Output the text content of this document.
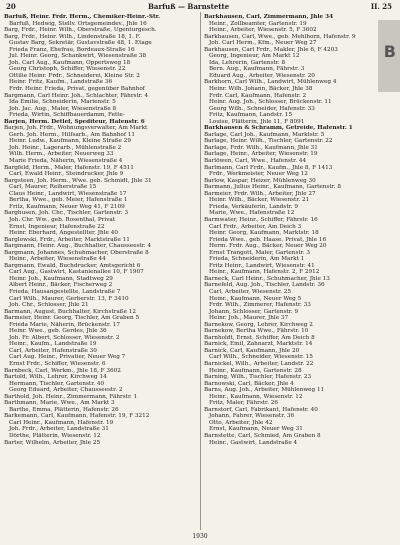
20	Barfuß — Barnstette	II. 25
B
Barfuß, Heinr. Frdr. Herm., Chemiker-Heinr.-Str.
Barfuß, Hedwig, Stellv. Ortsgemeindev., Jhle 16
Barg, Frdr., Heinr. Wilh., Oberstraße, Ugenturgesch.
Barg, Frdr., Heinr. Wilh., Lindenstraße 18, 1. F.
Gustav Barg, Sekretär, Gustavstraße 48, 1. Etage
Frieda Franz, Ehefrau, Bordeaux-Straße 16
Jul. Heinr. Georg, Schankwirt, Wiesenstraße 38
Joh. Carl Aug., Kaufmann, Oppertsweg 18
Georg Christoph, Schiffer, Wiesenstr. 22
Ottilie Heinr. Frdr., Schneiderei, Kleine Str. 2
Heinr. Fritz, Kaufm., Landstraße 36
Frdr. Heinr. Frieda, Privat, gegenüber Bahnhof
Bargmann, Carl Heinr. Joh., Schlachter, Fährstr. 4
Ida Emilie, Schneiderin, Marienstr. 5
Joh. Jac. Aug., Maler, Wiesenstraße 8
Frieda, Wirtin, Schiffbauerdamm, Fette-
Barjen, Herm. Detlef, Spediteur, Hafenstr. 6
Barjen, Joh. Frdr., Wohnungsverwalter, Am Markt
Gerh. Joh. Herm., Hilfsarb., Am Bahnhof 11
Heinr. Ludw., Kaufmann, Kleine Straße 29
Joh. Heinr., Lagerarb., Mühlenstraße 2
Wilh. Herm., Arbeiter, Neuerweg 33
Marie Frieda, Näherin, Wiesenstraße 4
Bargfeld, Herm., Maler, Hafenstr. 19, F 4511
Carl, Ewald Heinr., Steindrucker, Jhle 9
Bargsteen, Joh. Herm., Wwe. geb. Schmidt, Jhle 31
Carl, Maurer, Reiherstraße 15
Claus Heinr., Landwirt, Wiesenstraße 17
Bertha, Wwe., geb. Meier, Hafenstraße 1
Fritz, Kaufmann, Neuer Weg 41, F 2109
Barghusen, Joh. Chr., Tischler, Gartenstr. 3
Joh. Chr. Ww., geb. Rosenthal, Privat
Ernst, Ingenieur, Hafenstraße 22
Heinr. Eberhard, Angestellter, Jhle 40
Barglowski, Frdr., Arbeiter, Marktstraße 11
Bargmann, Heinr. Aug., Buchhalter, Chausseestr. 4
Bargmann, Johannes, Schuhmacher, Oberstraße 8
Heinr., Arbeiter, Wiesenstraße 44
Bargmann, Ewald, Buchdrucker, Amtsgericht 6
Carl Aug., Gastwirt, Kastanienallee 10, F 1907
Heinr. Joh., Kaufmann, Stadtweg 29
Albert Heinr., Bäcker, Fischerweg 2
Frieda, Hausangestellte, Landstraße 7
Carl Wilh., Maurer, Gerberstr. 13, F 3410
Joh. Chr., Schlosser, Jhle 21
Barmann, August, Buchhalter, Kirchstraße 12
Barmeier, Heinr. Georg, Tischler, Am Graben 5
Frieda Marie, Näherin, Brückenstr. 17
Heinr. Wwe., geb. Gerdes, Jhle 36
Joh. Fr. Albert, Schlosser, Wiesenstr. 2
Heinr., Kaufm., Landstraße 19
Carl, Arbeiter, Hafenstraße 30
Carl Aug. Heinr., Privatier, Neuer Weg 7
Ernst Frdr., Schiffer, Wiesenstr. 6
Barnbeck, Carl, Werkm., Jhle 18, F 3602
Bartold, Wilh., Lehrer, Kirchweg 14
Hermann, Tischler, Gartenstr. 40
Georg Eduard, Arbeiter, Chausseestr. 2
Barthold, Joh. Heinr., Zimmermann, Fährstr. 1
Barthmann, Marie, Wwe., Am Markt 3
Barthe, Emma, Plätterin, Hafenstr. 26
Barkemann, Carl, Kaufmann, Hafenstr. 19, F 3212
Carl Heinr., Kaufmann, Hafenstr. 19
Joh. Frdr., Arbeiter, Landstraße 31
Dörthe, Plätterin, Wiesenstr. 12
Barter, Wilhelm, Arbeiter, Jhle 25
Barkhausen, Carl, Zimmermann, Jhle 34
Heinr., Zollbeamter, Gartenstr. 19
Heinr., Arbeiter, Wiesenstr. 5, F 3602
Barkhausen, Carl, Wwe., geb. Mehlhorn, Hafenstr. 9
Joh. Carl Herm., Kfm., Neuer Weg 27
Barkhausen, Carl Frdr., Makler, Jhle 6, F 4203
Georg, Ingenieur, Am Markt 12
Ida, Lehrerin, Gartenstr. 8
Bern. Aug., Kaufmann, Fährstr. 3
Eduard Aug., Arbeiter, Wiesenstr. 20
Barkhorn, Carl Wilh., Landwirt, Mühlenweg 4
Heinr. Wilh. Johann, Bäcker, Jhle 38
Frdr. Carl, Kaufmann, Hafenstr. 2
Heinr. Aug. Joh., Schlosser, Brückenstr. 11
Georg Wilh., Schneider, Hafenstr. 33
Fritz, Kaufmann, Landstr. 15
Louise, Plätterin, Jhle 11, F 8091
Barkhausen & Schramm, Getreide, Hafenstr. 1
Barlage, Carl Joh., Kaufmann, Marktstr. 5
Barlage, Heinr. Wilh., Tischler, Gartenstr. 22
Barlage, Frdr. Wilh., Kaufmann, Jhle 31
Barlage, Heinr., Arbeiter, Wiesenstr. 19
Barlöwen, Carl, Wwe., Hafenstr. 44
Barlmann, Carl Frdr., Kaufm., Jhle 8, F 1413
Frdr., Werkmeister, Neuer Weg 12
Barlow, Kaspar, Heizer, Mühlenweg 30
Barmann, Julius Heinr., Kaufmann, Gartenstr. 8
Barmeier, Frdr. Wilh., Arbeiter, Jhle 27
Heinr. Wilh., Bäcker, Wiesenstr. 21
Frieda, Verkäuferin, Landstr. 9
Marie, Wwe., Hafenstraße 12
Barmwater, Heinr., Schiffer, Fährstr. 16
Carl Frdr., Arbeiter, Am Deich 3
Heinr. Georg, Kaufmann, Marktstr. 18
Frieda Wwe., geb. Haase, Privat, Jhle 16
Herm. Frdr. Aug., Bäcker, Neuer Weg 20
Ernst Trangott, Maler, Gartenstr. 3
Frieda, Schneiderin, Am Markt 1
Fritz Heinr., Landwirt, Wiesenstr. 41
Heinr., Kaufmann, Hafenstr. 2, F 2912
Barneck, Carl Heinr., Schuhmacher, Jhle 13
Barnefeld, Aug. Joh., Tischler, Landstr. 36
Carl, Arbeiter, Wiesenstr. 25
Heinr., Kaufmann, Neuer Weg 5
Frdr. Wilh., Zimmerer, Hafenstr. 33
Johann, Schlosser, Gartenstr. 9
Heinr. Joh., Maurer, Jhle 37
Barnekow, Georg, Lehrer, Kirchweg 2
Barnekow, Bertha Wwe., Fährstr. 10
Barnholdt, Ernst, Schiffer, Am Deich 8
Barnick, Emil, Zahnarzt, Marktstr. 14
Barnick, Carl, Kaufmann, Jhle 20
Carl Wilh., Schneider, Wiesenstr. 15
Barnickel, Wilh., Arbeiter, Landstr. 22
Heinr., Kaufmann, Gartenstr. 28
Barning, Wilh., Tischler, Hafenstr. 23
Barnowski, Carl, Bäcker, Jhle 4
Barns, Aug. Joh., Arbeiter, Mühlenweg 11
Heinr., Kaufmann, Wiesenstr. 12
Fritz, Maler, Fährstr. 26
Barnstorf, Carl, Fabrikant, Hafenstr. 40
Johann, Fahrer, Wiesenstr. 36
Otto, Arbeiter, Jhle 42
Ernst, Kaufmann, Neuer Weg 31
Barnstette, Carl, Schmied, Am Graben 8
Heinr., Gastwirt, Landstraße 4
1930
